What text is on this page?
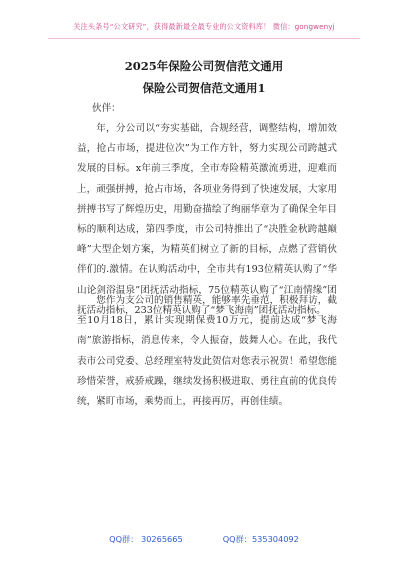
关注头条号“公文研究”，获得最新最全最专业的公文资料库！ 微信：gongwenyj
2025年保险公司贺信范文通用
保险公司贺信范文通用1
伙伴：

年，分公司以“夯实基础，合规经营，调整结构，增加效益，抢占市场，提进位次”为工作方针，努力实现公司跨越式发展的目标。x年前三季度，全市寿险精英激流勇进，迎难而上，顽强拼搏，抢占市场，各项业务得到了快速发展，大家用拼搏书写了辉煌历史，用勤奋描绘了绚丽华章为了确保全年目标的顺利达成，第四季度，市公司特推出了“决胜金秋跨越巅峰”大型企划方案，为精英们树立了新的目标，点燃了营销伙伴们的.激情。在认购活动中，全市共有193位精英认购了“华山论剑浴温泉”团抚活动指标，75位精英认购了“江南情缘”团抚活动指标，233位精英认购了“梦飞海南”团抚活动指标。

您作为支公司的销售精英，能够率先垂范，积极拜访，截至10月18日，累计实现期保费10万元，提前达成“梦飞海南”旅游指标，消息传来，令人振奋，鼓舞人心。在此，我代表市公司党委、总经理室特发此贺信对您表示祝贺！希望您能珍惜荣誉，戒骄戒躁，继续发扬积极进取、勇往直前的优良传统，紧盯市场，乘势而上，再接再厉，再创佳绩。

QQ群： 30265665	QQ群：535304092
